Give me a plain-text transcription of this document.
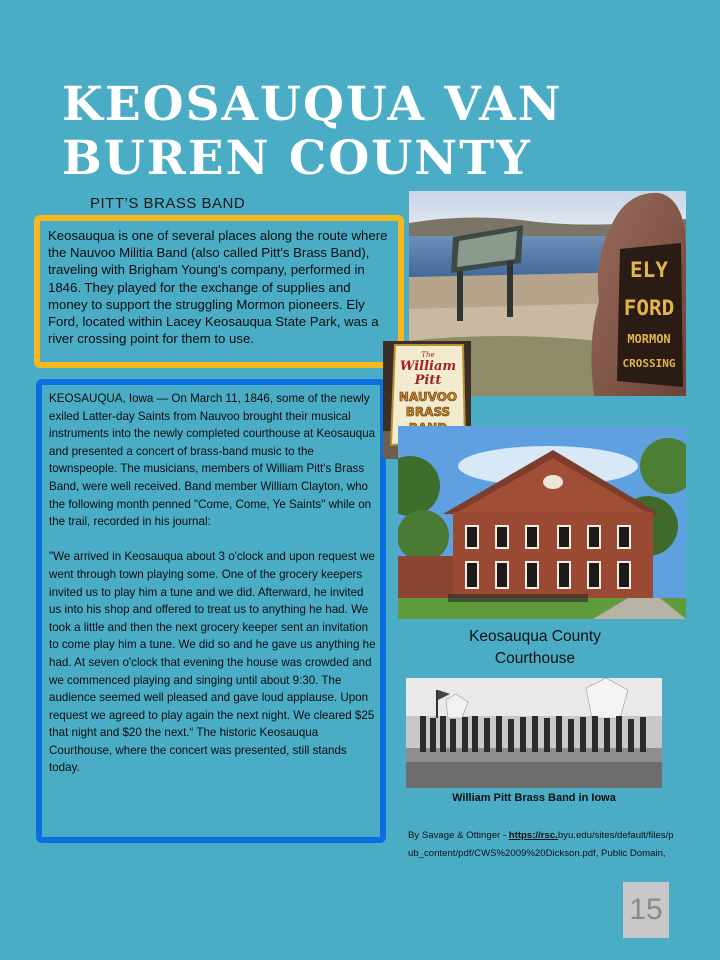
KEOSAUQUA VAN BUREN COUNTY
PITT’S BRASS BAND
Keosauqua is one of several places along the route where the Nauvoo Militia Band (also called Pitt's Brass Band), traveling with Brigham Young's company, performed in 1846. They played for the exchange of supplies and money to support the struggling Mormon pioneers. Ely Ford, located within Lacey Keosauqua State Park, was a river crossing point for them to use.

KEOSAUQUA, Iowa — On March 11, 1846, some of the newly exiled Latter-day Saints from Nauvoo brought their musical instruments into the newly completed courthouse at Keosauqua and presented a concert of brass-band music to the townspeople. The musicians, members of William Pitt's Brass Band, were well received. Band member William Clayton, who the following month penned "Come, Come, Ye Saints" while on the trail, recorded in his journal:

"We arrived in Keosauqua about 3 o'clock and upon request we went through town playing some. One of the grocery keepers invited us to play him a tune and we did. Afterward, he invited us into his shop and offered to treat us to anything he had. We took a little and then the next grocery keeper sent an invitation to come play him a tune. We did so and he gave us anything he had. At seven o'clock that evening the house was crowded and we commenced playing and singing until about 9:30. The audience seemed well pleased and gave loud applause. Upon request we agreed to play again the next night. We cleared $25 that night and $20 the next.“ The historic Keosauqua Courthouse, where the concert was presented, still stands today.

ELY
FORD
MORMON
CROSSING
The
William
Pitt
NAUVOO
BRASS
Keosauqua County Courthouse
William Pitt Brass Band in Iowa
By Savage & Ottinger - https://rsc.byu.edu/sites/default/files/pub_content/pdf/CWS%2009%20Dickson.pdf, Public Domain,
15
